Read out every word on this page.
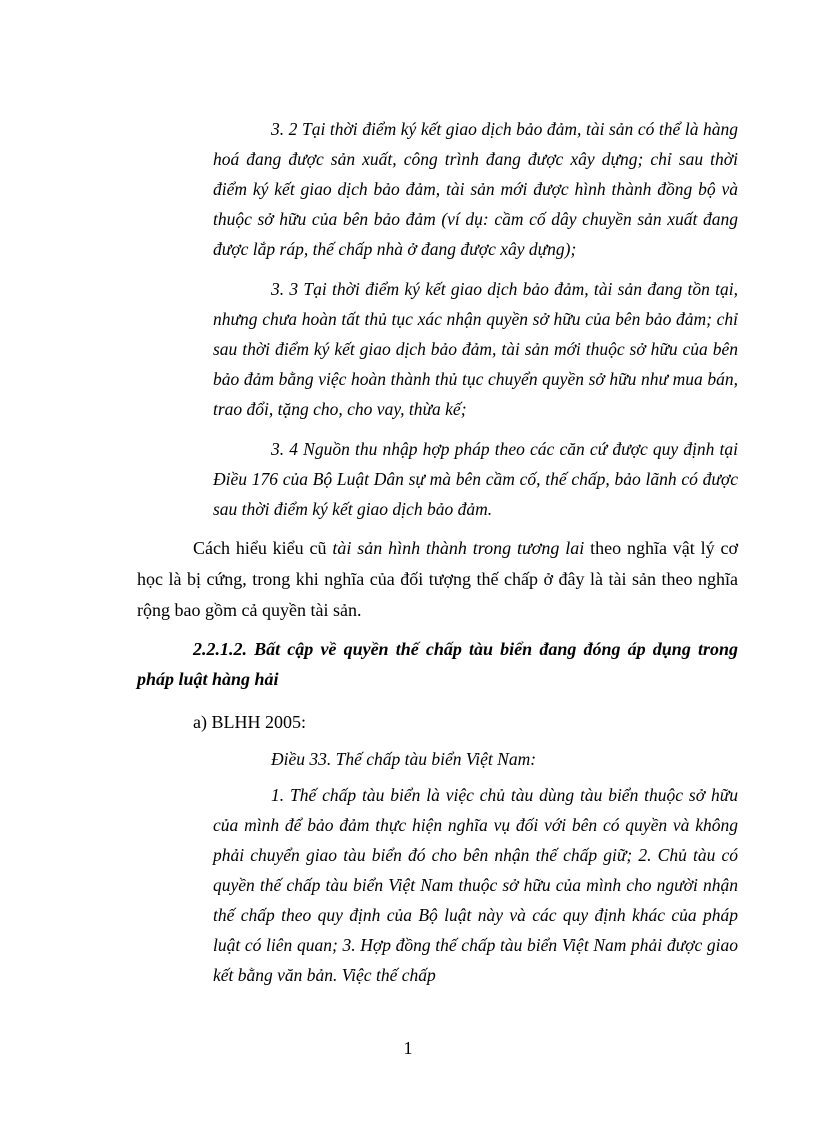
3. 2 Tại thời điểm ký kết giao dịch bảo đảm, tài sản có thể là hàng hoá đang được sản xuất, công trình đang được xây dựng; chỉ sau thời điểm ký kết giao dịch bảo đảm, tài sản mới được hình thành đồng bộ và thuộc sở hữu của bên bảo đảm (ví dụ: cầm cố dây chuyền sản xuất đang được lắp ráp, thế chấp nhà ở đang được xây dựng);

3. 3 Tại thời điểm ký kết giao dịch bảo đảm, tài sản đang tồn tại, nhưng chưa hoàn tất thủ tục xác nhận quyền sở hữu của bên bảo đảm; chỉ sau thời điểm ký kết giao dịch bảo đảm, tài sản mới thuộc sở hữu của bên bảo đảm bằng việc hoàn thành thủ tục chuyển quyền sở hữu như mua bán, trao đổi, tặng cho, cho vay, thừa kế;

3. 4 Nguồn thu nhập hợp pháp theo các căn cứ được quy định tại Điều 176 của Bộ Luật Dân sự mà bên cầm cố, thế chấp, bảo lãnh có được sau thời điểm ký kết giao dịch bảo đảm.

Cách hiểu kiểu cũ tài sản hình thành trong tương lai theo nghĩa vật lý cơ học là bị cứng, trong khi nghĩa của đối tượng thế chấp ở đây là tài sản theo nghĩa rộng bao gồm cả quyền tài sản.

2.2.1.2. Bất cập về quyền thế chấp tàu biển đang đóng áp dụng trong pháp luật hàng hải

a) BLHH 2005:

Điều 33. Thế chấp tàu biển Việt Nam:

1. Thế chấp tàu biển là việc chủ tàu dùng tàu biển thuộc sở hữu của mình để bảo đảm thực hiện nghĩa vụ đối với bên có quyền và không phải chuyển giao tàu biển đó cho bên nhận thế chấp giữ; 2. Chủ tàu có quyền thế chấp tàu biển Việt Nam thuộc sở hữu của mình cho người nhận thế chấp theo quy định của Bộ luật này và các quy định khác của pháp luật có liên quan; 3. Hợp đồng thế chấp tàu biển Việt Nam phải được giao kết bằng văn bản. Việc thế chấp

1
